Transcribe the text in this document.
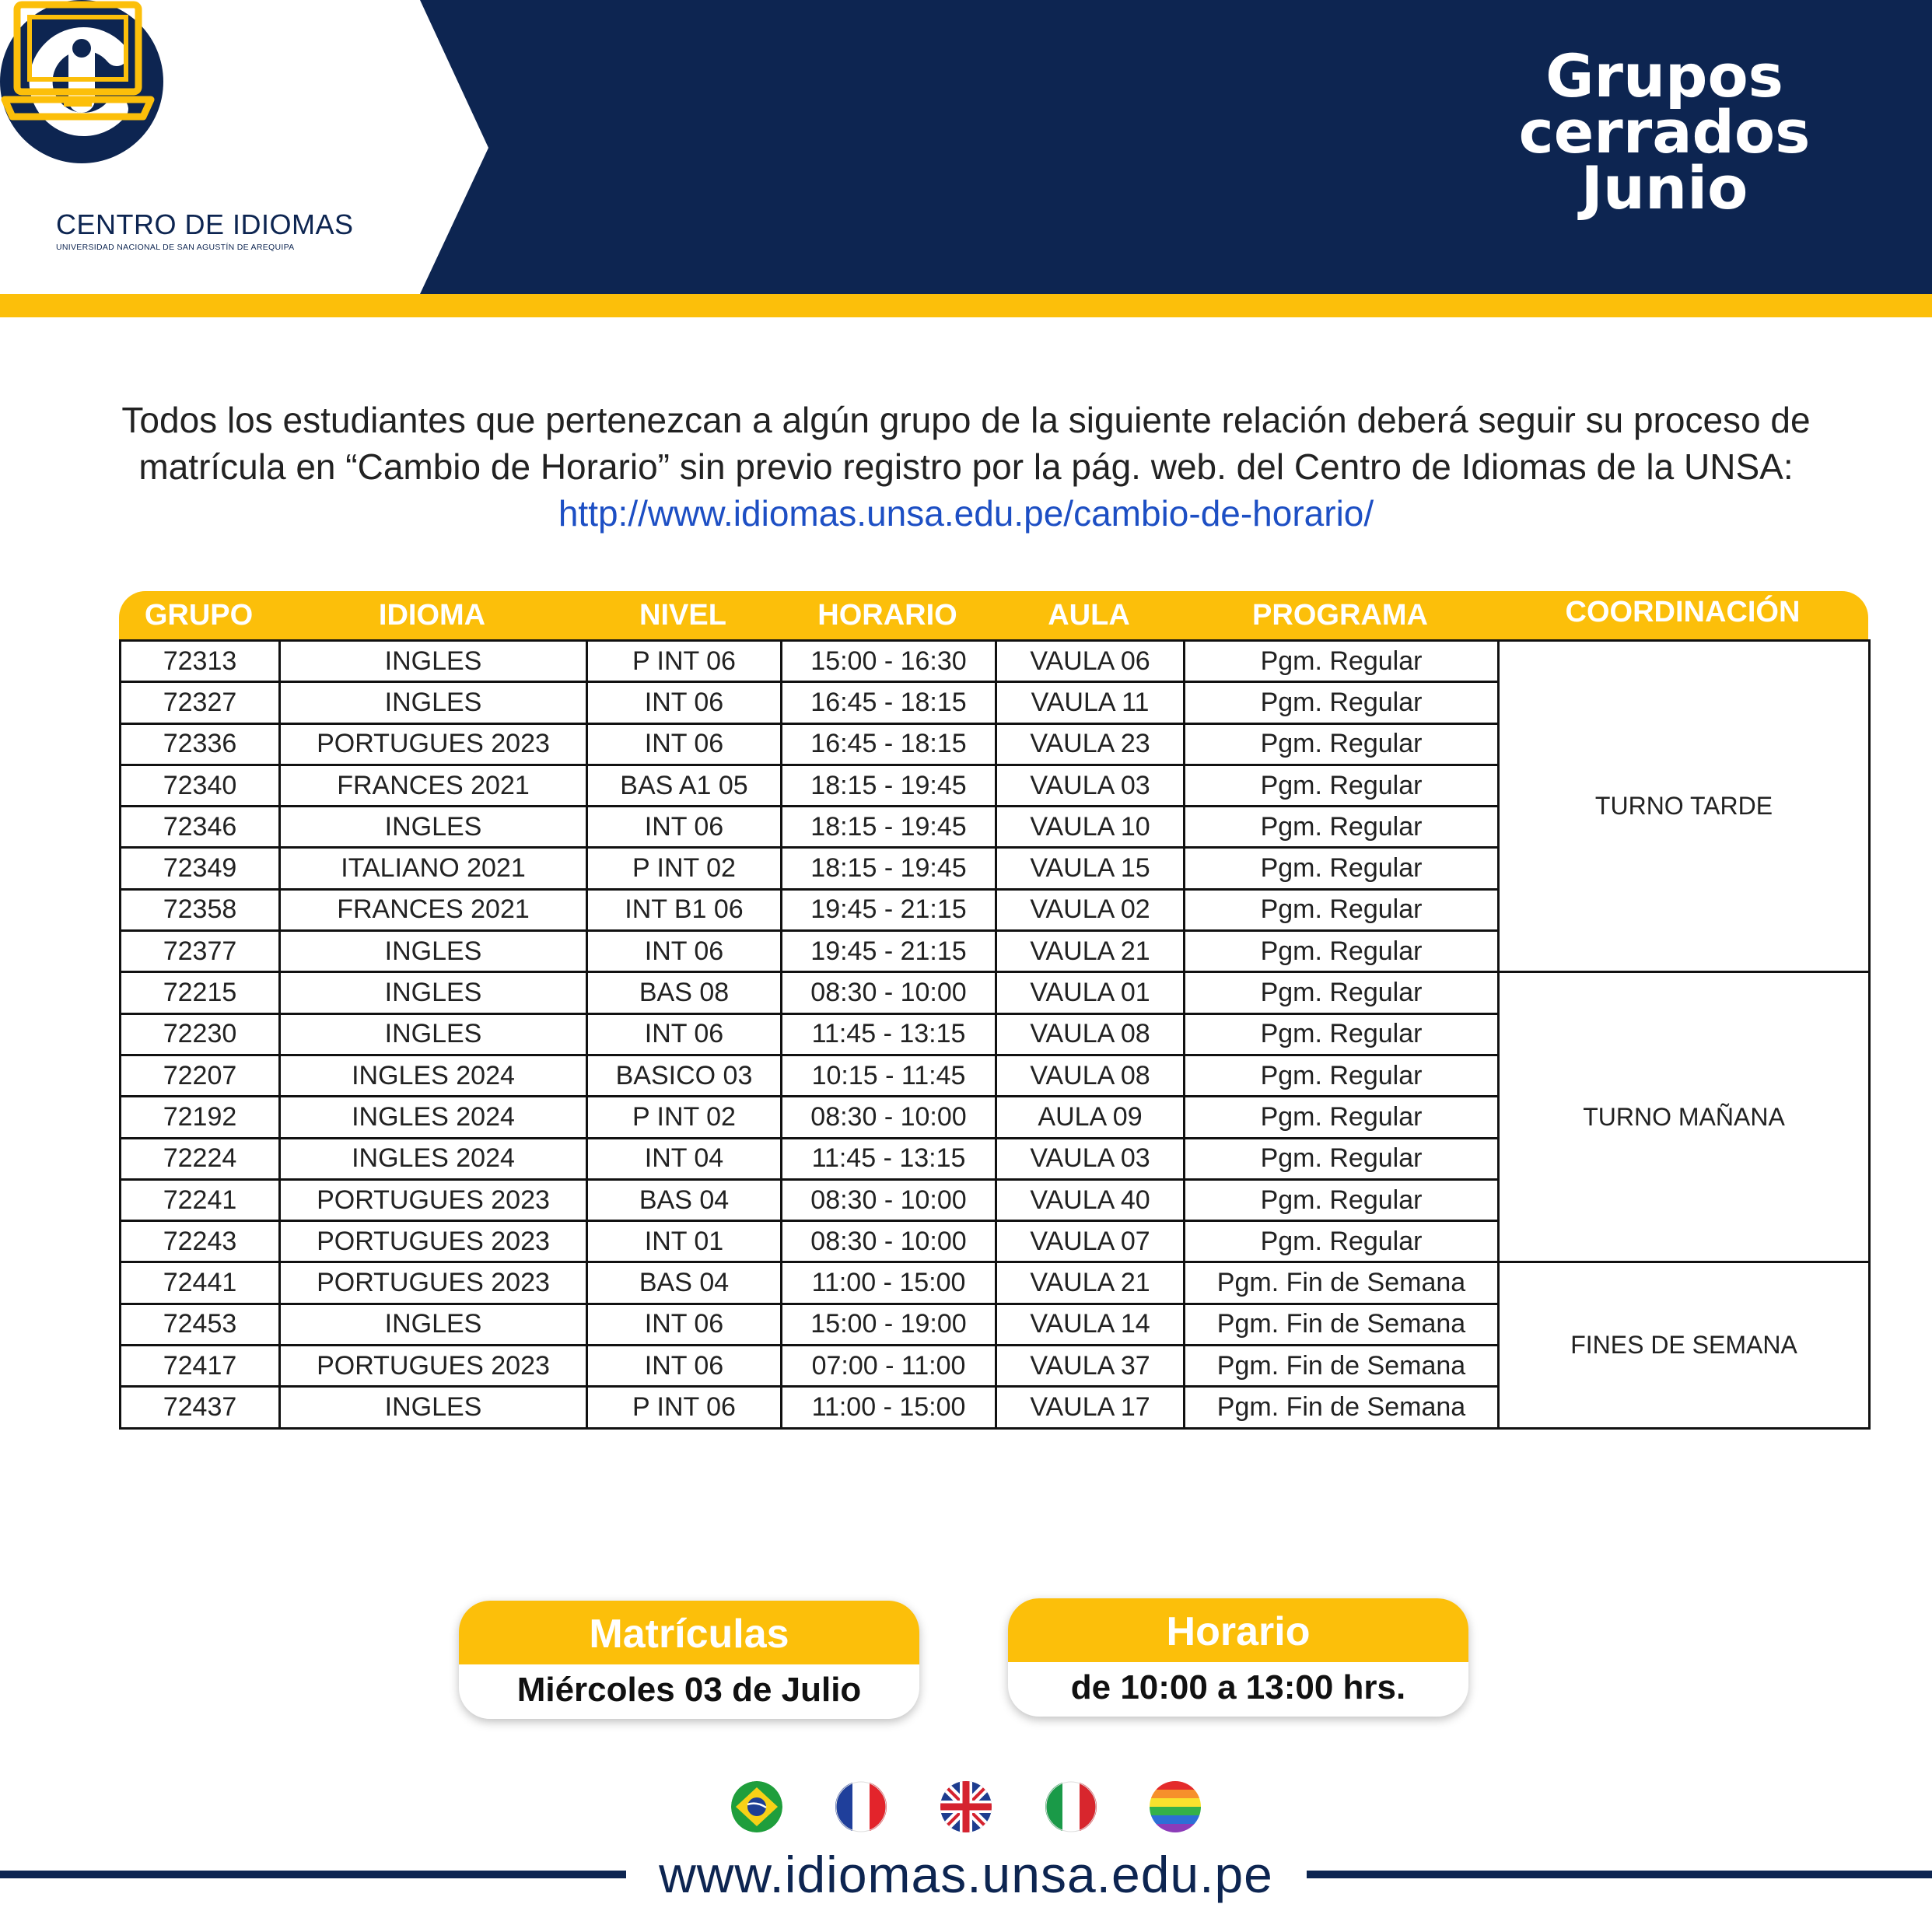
CENTRO DE IDIOMAS
UNIVERSIDAD NACIONAL DE SAN AGUSTÍN DE AREQUIPA
Grupos
cerrados
Junio
Todos los estudiantes que pertenezcan a algún grupo de la siguiente relación deberá seguir su proceso de matrícula en “Cambio de Horario” sin previo registro por la pág. web. del Centro de Idiomas de la UNSA: http://www.idiomas.unsa.edu.pe/cambio-de-horario/
GRUPO	IDIOMA	NIVEL	HORARIO	AULA	PROGRAMA	COORDINACIÓN
72313	INGLES	P INT 06	15:00 - 16:30	VAULA 06	Pgm. Regular	TURNO TARDE
72327	INGLES	INT 06	16:45 - 18:15	VAULA 11	Pgm. Regular	
72336	PORTUGUES 2023	INT 06	16:45 - 18:15	VAULA 23	Pgm. Regular	
72340	FRANCES 2021	BAS A1 05	18:15 - 19:45	VAULA 03	Pgm. Regular	
72346	INGLES	INT 06	18:15 - 19:45	VAULA 10	Pgm. Regular	
72349	ITALIANO 2021	P INT 02	18:15 - 19:45	VAULA 15	Pgm. Regular	
72358	FRANCES 2021	INT B1 06	19:45 - 21:15	VAULA 02	Pgm. Regular	
72377	INGLES	INT 06	19:45 - 21:15	VAULA 21	Pgm. Regular	
72215	INGLES	BAS 08	08:30 - 10:00	VAULA 01	Pgm. Regular	TURNO MAÑANA
72230	INGLES	INT 06	11:45 - 13:15	VAULA 08	Pgm. Regular	
72207	INGLES 2024	BASICO 03	10:15 - 11:45	VAULA 08	Pgm. Regular	
72192	INGLES 2024	P INT 02	08:30 - 10:00	AULA 09	Pgm. Regular	
72224	INGLES 2024	INT 04	11:45 - 13:15	VAULA 03	Pgm. Regular	
72241	PORTUGUES 2023	BAS 04	08:30 - 10:00	VAULA 40	Pgm. Regular	
72243	PORTUGUES 2023	INT 01	08:30 - 10:00	VAULA 07	Pgm. Regular	
72441	PORTUGUES 2023	BAS 04	11:00 - 15:00	VAULA 21	Pgm. Fin de Semana	FINES DE SEMANA
72453	INGLES	INT 06	15:00 - 19:00	VAULA 14	Pgm. Fin de Semana	
72417	PORTUGUES 2023	INT 06	07:00 - 11:00	VAULA 37	Pgm. Fin de Semana	
72437	INGLES	P INT 06	11:00 - 15:00	VAULA 17	Pgm. Fin de Semana	
Matrículas
Miércoles 03 de Julio
Horario
de 10:00 a 13:00 hrs.
www.idiomas.unsa.edu.pe
